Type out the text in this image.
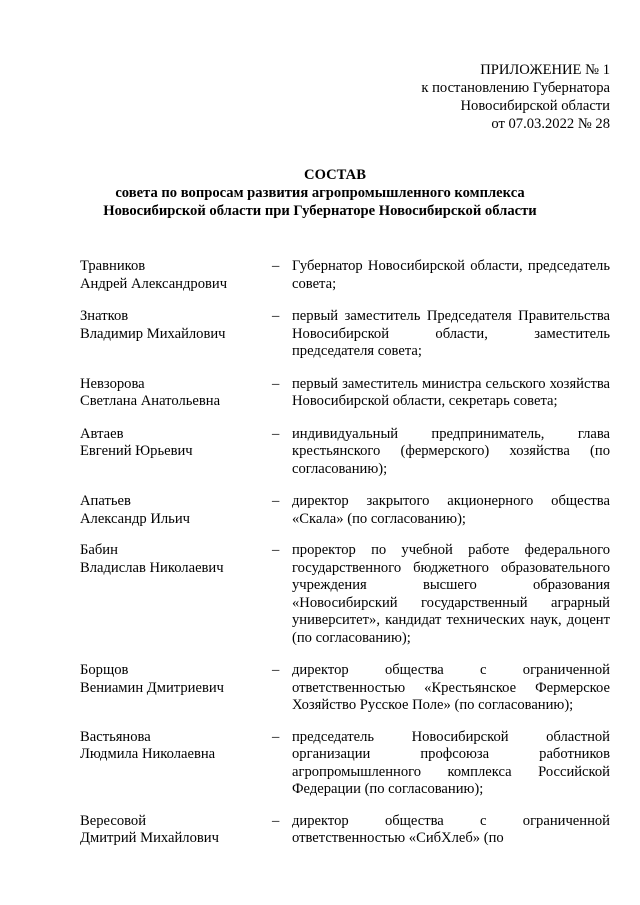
ПРИЛОЖЕНИЕ № 1
к постановлению Губернатора
Новосибирской области
от 07.03.2022 № 28
СОСТАВ
совета по вопросам развития агропромышленного комплекса
Новосибирской области при Губернаторе Новосибирской области
Травников
Андрей Александрович
– Губернатор Новосибирской области, председатель совета;
Знатков
Владимир Михайлович
– первый заместитель Председателя Правительства Новосибирской области, заместитель председателя совета;
Невзорова
Светлана Анатольевна
– первый заместитель министра сельского хозяйства Новосибирской области, секретарь совета;
Автаев
Евгений Юрьевич
– индивидуальный предприниматель, глава крестьянского (фермерского) хозяйства (по согласованию);
Апатьев
Александр Ильич
– директор закрытого акционерного общества «Скала» (по согласованию);
Бабин
Владислав Николаевич
– проректор по учебной работе федерального государственного бюджетного образовательного учреждения высшего образования «Новосибирский государственный аграрный университет», кандидат технических наук, доцент (по согласованию);
Борщов
Вениамин Дмитриевич
– директор общества с ограниченной ответственностью «Крестьянское Фермерское Хозяйство Русское Поле» (по согласованию);
Вастьянова
Людмила Николаевна
– председатель Новосибирской областной организации профсоюза работников агропромышленного комплекса Российской Федерации (по согласованию);
Вересовой
Дмитрий Михайлович
– директор общества с ограниченной ответственностью «СибХлеб» (по
